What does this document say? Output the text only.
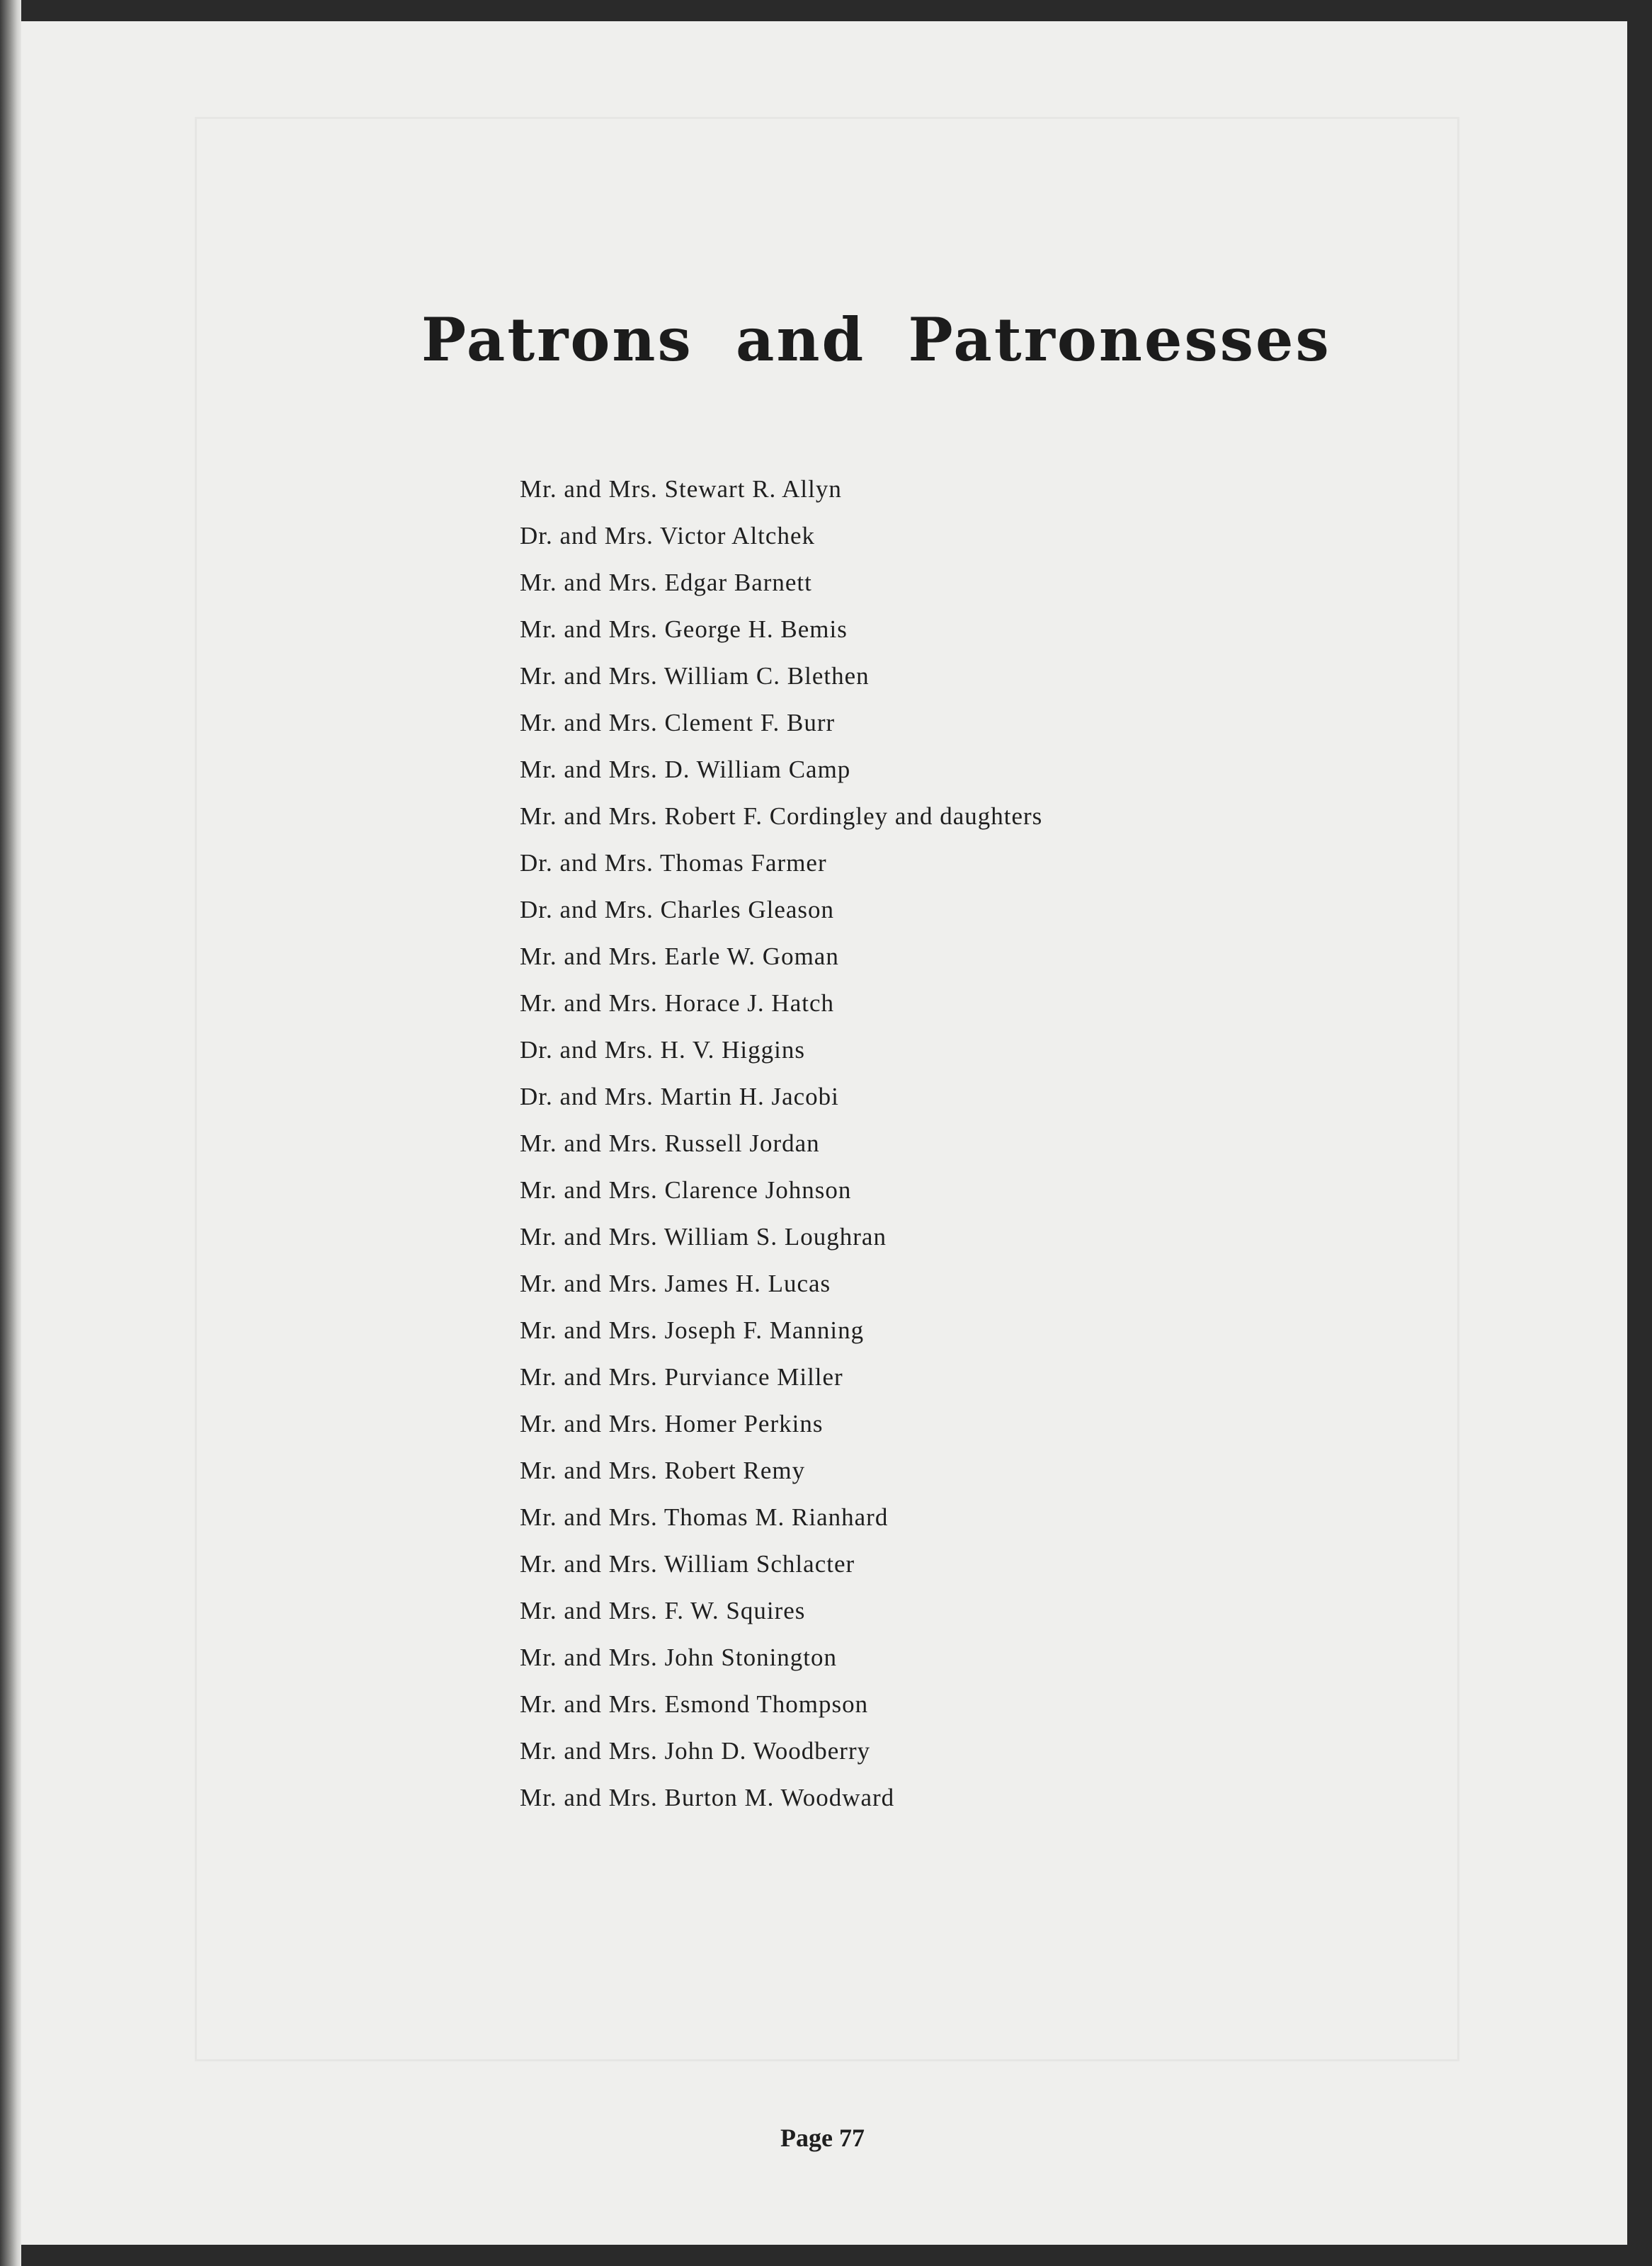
Patrons and Patronesses
Mr. and Mrs. Stewart R. Allyn
Dr. and Mrs. Victor Altchek
Mr. and Mrs. Edgar Barnett
Mr. and Mrs. George H. Bemis
Mr. and Mrs. William C. Blethen
Mr. and Mrs. Clement F. Burr
Mr. and Mrs. D. William Camp
Mr. and Mrs. Robert F. Cordingley and daughters
Dr. and Mrs. Thomas Farmer
Dr. and Mrs. Charles Gleason
Mr. and Mrs. Earle W. Goman
Mr. and Mrs. Horace J. Hatch
Dr. and Mrs. H. V. Higgins
Dr. and Mrs. Martin H. Jacobi
Mr. and Mrs. Russell Jordan
Mr. and Mrs. Clarence Johnson
Mr. and Mrs. William S. Loughran
Mr. and Mrs. James H. Lucas
Mr. and Mrs. Joseph F. Manning
Mr. and Mrs. Purviance Miller
Mr. and Mrs. Homer Perkins
Mr. and Mrs. Robert Remy
Mr. and Mrs. Thomas M. Rianhard
Mr. and Mrs. William Schlacter
Mr. and Mrs. F. W. Squires
Mr. and Mrs. John Stonington
Mr. and Mrs. Esmond Thompson
Mr. and Mrs. John D. Woodberry
Mr. and Mrs. Burton M. Woodward
Page 77
